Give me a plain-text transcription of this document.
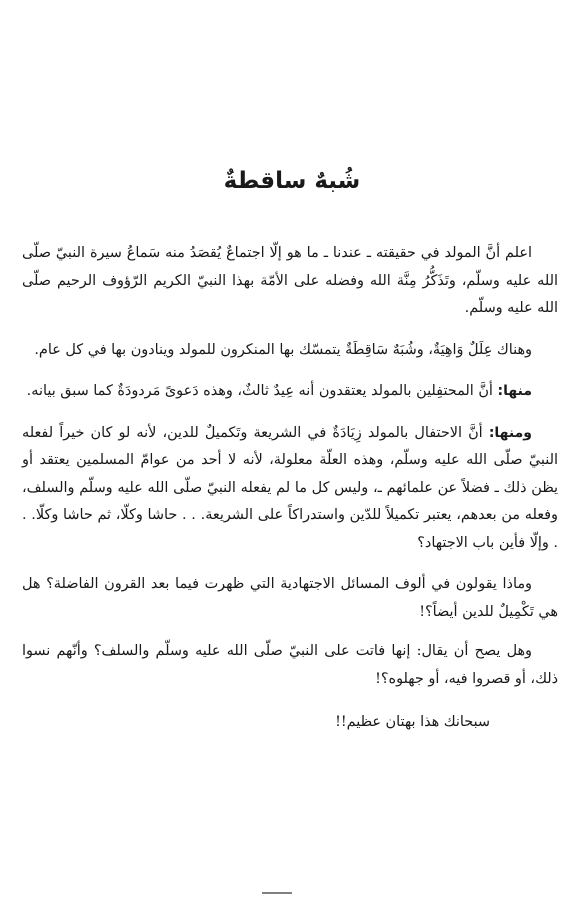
شُبهٌ ساقطةٌ

اعلم أنَّ المولد في حقيقته ـ عندنا ـ ما هو إلّا اجتماعٌ يُقصَدُ منه سَماعُ سيرة النبيّ صلّى الله عليه وسلّم، وتَذَكُّرُ مِنَّة الله وفضله على الأمّة بهذا النبيّ الكريم الرّؤوف الرحيم صلّى الله عليه وسلّم.

وهناك عِلَلٌ وَاهِيَةٌ، وشُبَهٌ سَاقِطَةٌ يتمسّك بها المنكرون للمولد وينادون بها في كل عام.

منها: أنَّ المحتفِلين بالمولد يعتقدون أنه عِيدٌ ثالثٌ، وهذه دَعوىً مَردودَةٌ كما سبق بيانه.

ومنها: أنَّ الاحتفال بالمولد زِيَادَةٌ في الشريعة وتَكميلٌ للدين، لأنه لو كان خيراً لفعله النبيّ صلّى الله عليه وسلّم، وهذه العلّة معلولة، لأنه لا أحد من عوامّ المسلمين يعتقد أو يظن ذلك ـ فضلاً عن علمائهم ـ، وليس كل ما لم يفعله النبيّ صلّى الله عليه وسلّم والسلف، وفعله من بعدهم، يعتبر تكميلاً للدّين واستدراكاً على الشريعة. . . حاشا وكلّا، ثم حاشا وكلّا. . . وإلّا فأين باب الاجتهاد؟

وماذا يقولون في ألوف المسائل الاجتهادية التي ظهرت فيما بعد القرون الفاضلة؟ هل هي تَكْمِيلٌ للدين أيضاً؟!

وهل يصح أن يقال: إنها فاتت على النبيّ صلّى الله عليه وسلّم والسلف؟ وأنّهم نسوا ذلك، أو قصروا فيه، أو جهلوه؟!

سبحانك هذا بهتان عظيم!!
